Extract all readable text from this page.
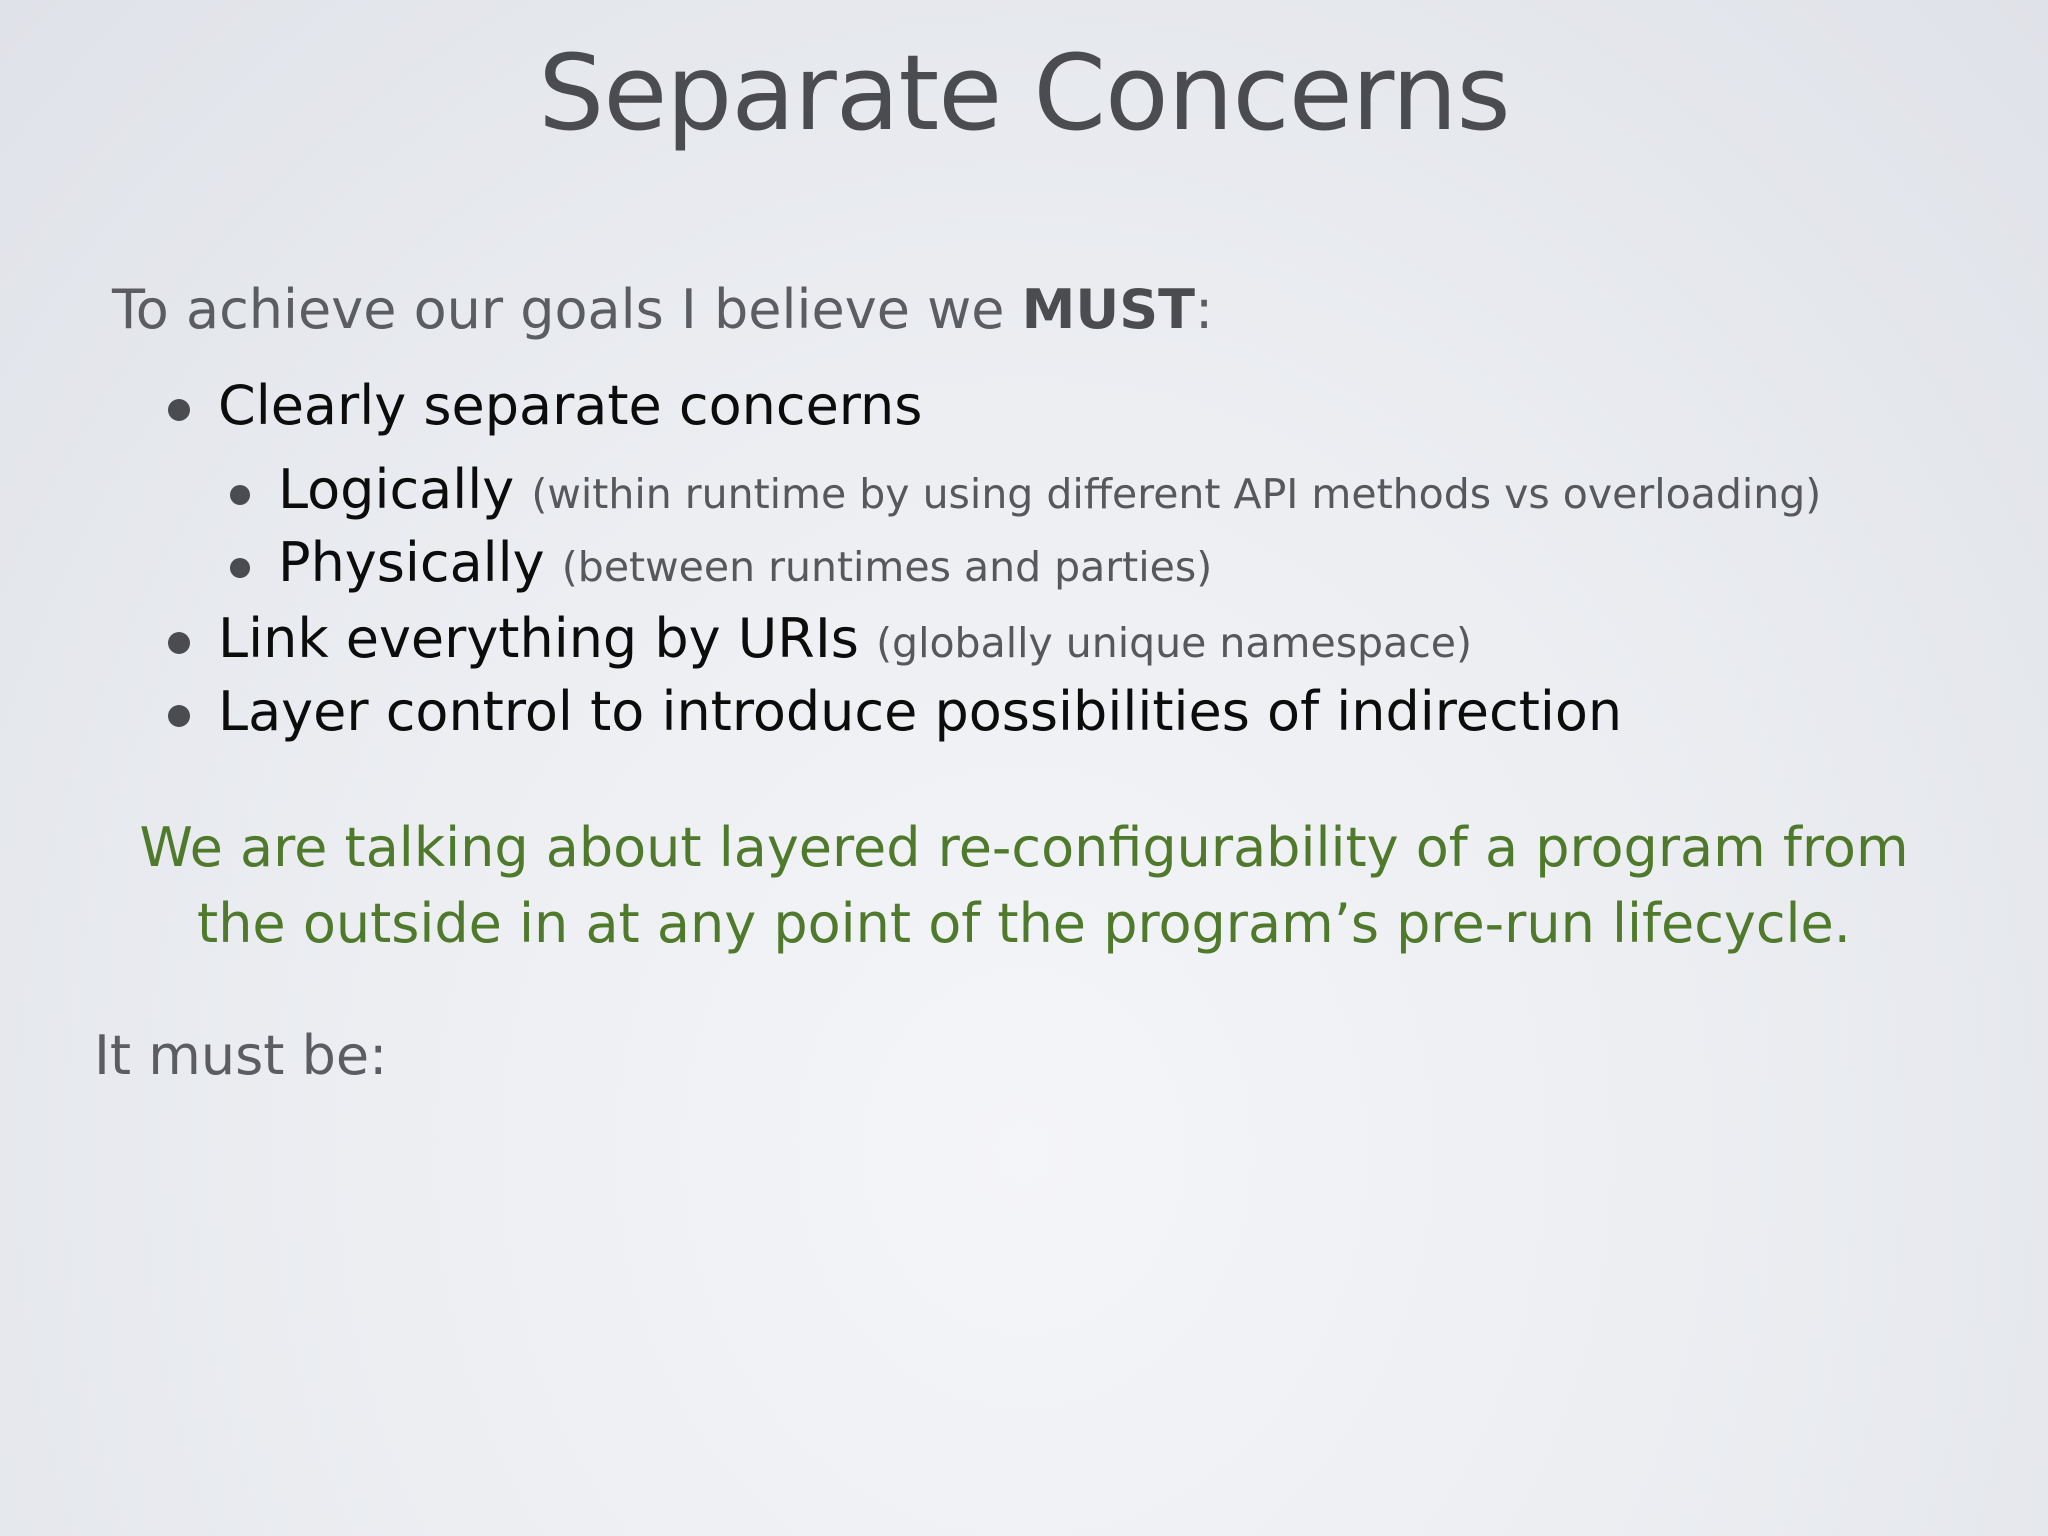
Separate Concerns
To achieve our goals I believe we MUST:
Clearly separate concerns
Logically (within runtime by using different API methods vs overloading)
Physically (between runtimes and parties)
Link everything by URIs (globally unique namespace)
Layer control to introduce possibilities of indirection
We are talking about layered re-configurability of a program from
the outside in at any point of the program’s pre-run lifecycle.
It must be:
